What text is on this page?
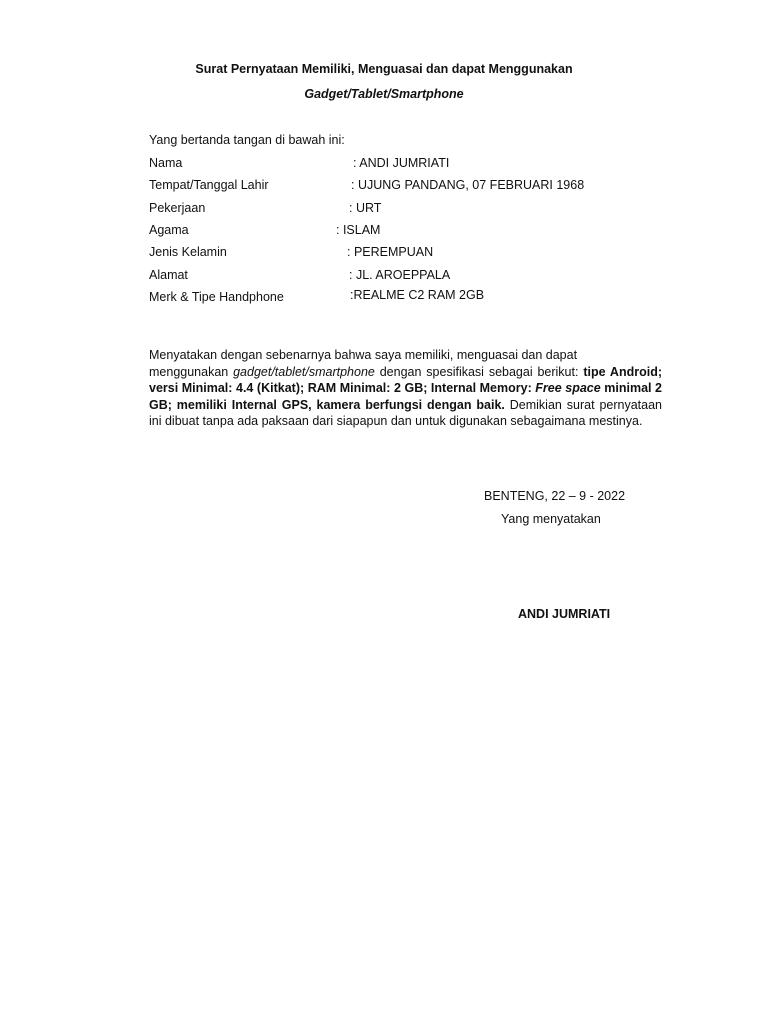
Surat Pernyataan Memiliki, Menguasai dan dapat Menggunakan
Gadget/Tablet/Smartphone
Yang bertanda tangan di bawah ini:
Nama	: ANDI JUMRIATI
Tempat/Tanggal Lahir	: UJUNG PANDANG, 07 FEBRUARI 1968
Pekerjaan	: URT
Agama	: ISLAM
Jenis Kelamin	: PEREMPUAN
Alamat	: JL. AROEPPALA
Merk & Tipe Handphone	:REALME C2 RAM 2GB
Menyatakan dengan sebenarnya bahwa saya memiliki, menguasai dan dapat
menggunakan gadget/tablet/smartphone dengan spesifikasi sebagai berikut: tipe Android; versi Minimal: 4.4 (Kitkat); RAM Minimal: 2 GB; Internal Memory: Free space minimal 2 GB; memiliki Internal GPS, kamera berfungsi dengan baik. Demikian surat pernyataan ini dibuat tanpa ada paksaan dari siapapun dan untuk digunakan sebagaimana mestinya.
BENTENG, 22 – 9 - 2022
Yang menyatakan
ANDI JUMRIATI
